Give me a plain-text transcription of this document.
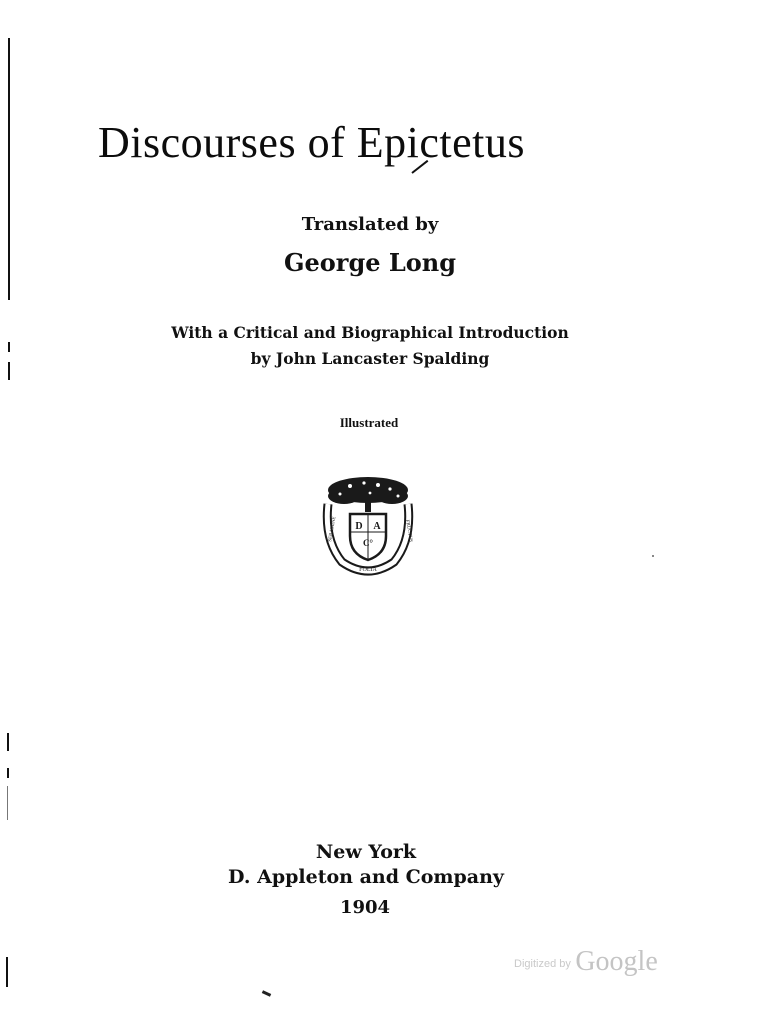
Discourses of Epictetus
Translated by
George Long
With a Critical and Biographical Introduction
by John Lancaster Spalding
Illustrated
D A
C°
SERAMINE	FRUCTUS
FOLIA
New York
D. Appleton and Company
1904
Digitized by Google
